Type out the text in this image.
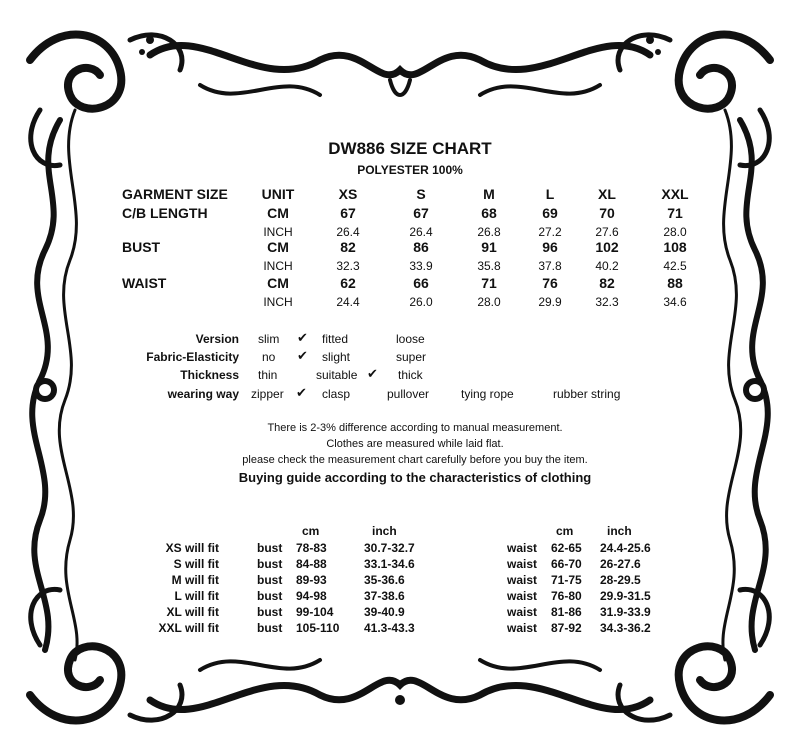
DW886 SIZE CHART
POLYESTER 100%
GARMENT SIZE UNIT	XS	S	M	L	XL	XXL
C/B LENGTH	CM	67	67	68	69	70	71
INCH	26.4	26.4	26.8	27.2	27.6	28.0
BUST	CM	82	86	91	96	102	108
INCH	32.3	33.9	35.8	37.8	40.2	42.5
WAIST	CM	62	66	71	76	82	88
INCH	24.4	26.0	28.0	29.9	32.3	34.6
Version slim ✔ fitted	loose
Fabric-Elasticity no ✔ slight	super
Thickness thin	suitable ✔ thick
wearing way zipper ✔ clasp	pullover	tying rope	rubber string
There is 2-3% difference according to manual measurement.
Clothes are measured while laid flat.
please check the measurement chart carefully before you buy the item.
Buying guide according to the characteristics of clothing
cm	inch	cm	inch
XS will fit	bust 78-83	30.7-32.7	waist 62-65 24.4-25.6
S will fit	bust 84-88	33.1-34.6	waist 66-70 26-27.6
M will fit	bust 89-93	35-36.6	waist 71-75 28-29.5
L will fit	bust 94-98	37-38.6	waist 76-80 29.9-31.5
XL will fit	bust 99-104	39-40.9	waist 81-86 31.9-33.9
XXL will fit	bust 105-110 41.3-43.3	waist 87-92 34.3-36.2
